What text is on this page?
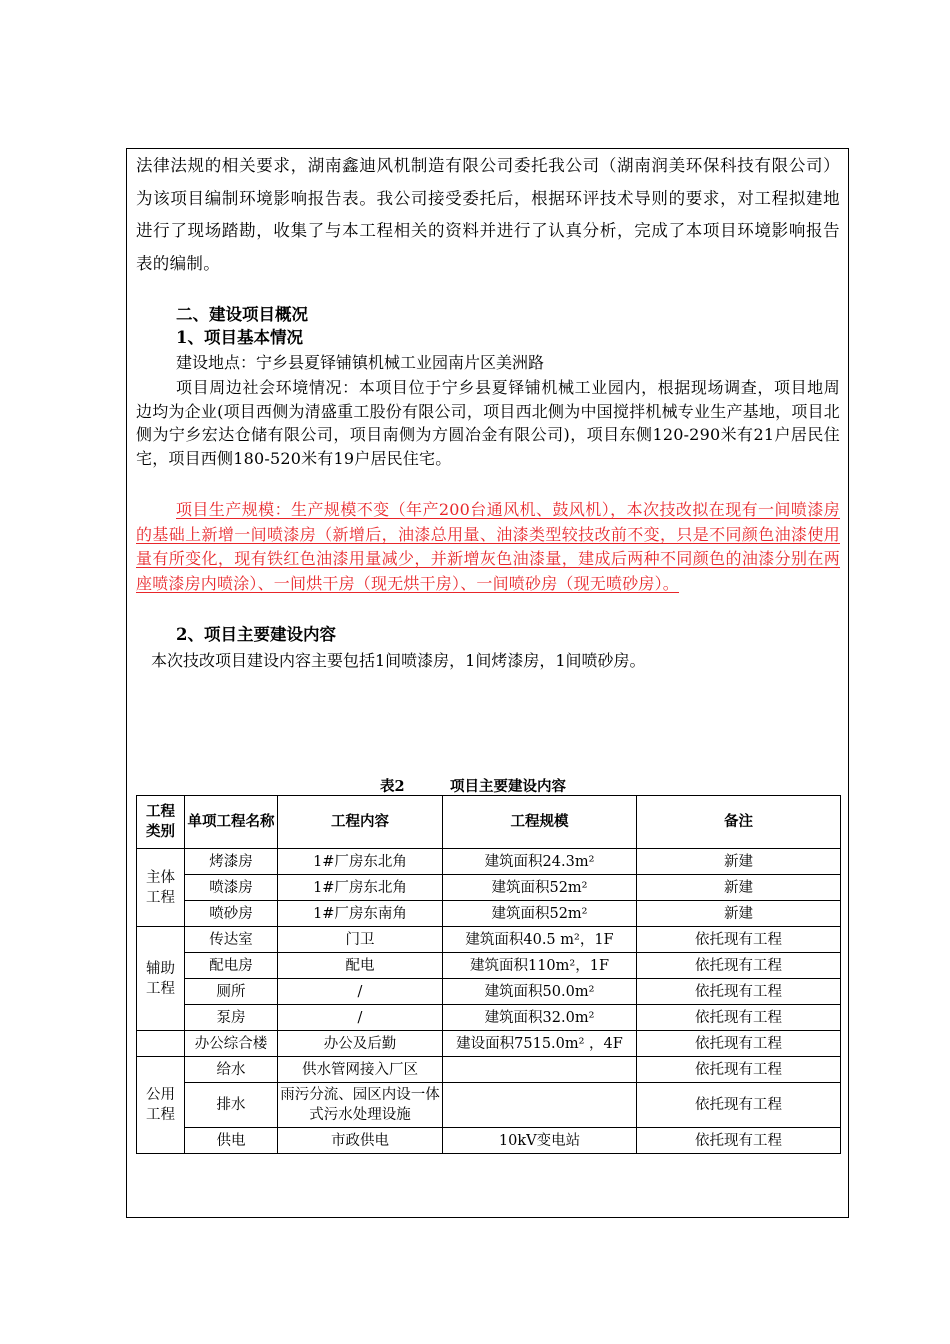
法律法规的相关要求，湖南鑫迪风机制造有限公司委托我公司（湖南润美环保科技有限公司）为该项目编制环境影响报告表。我公司接受委托后，根据环评技术导则的要求，对工程拟建地进行了现场踏勘，收集了与本工程相关的资料并进行了认真分析，完成了本项目环境影响报告表的编制。
二、建设项目概况
1、项目基本情况
建设地点：宁乡县夏铎铺镇机械工业园南片区美洲路
项目周边社会环境情况：本项目位于宁乡县夏铎铺机械工业园内，根据现场调查，项目地周边均为企业(项目西侧为清盛重工股份有限公司，项目西北侧为中国搅拌机械专业生产基地，项目北侧为宁乡宏达仓储有限公司，项目南侧为方圆冶金有限公司)，项目东侧120-290米有21户居民住宅，项目西侧180-520米有19户居民住宅。
项目生产规模：生产规模不变（年产200台通风机、鼓风机），本次技改拟在现有一间喷漆房的基础上新增一间喷漆房（新增后，油漆总用量、油漆类型较技改前不变，只是不同颜色油漆使用量有所变化，现有铁红色油漆用量减少，并新增灰色油漆量，建成后两种不同颜色的油漆分别在两座喷漆房内喷涂）、一间烘干房（现无烘干房）、一间喷砂房（现无喷砂房）。
2、项目主要建设内容
本次技改项目建设内容主要包括1间喷漆房，1间烤漆房，1间喷砂房。
表2         项目主要建设内容
工程类别	单项工程名称	工程内容	工程规模	备注
主体工程	烤漆房	1#厂房东北角	建筑面积24.3m²	新建
	喷漆房	1#厂房东北角	建筑面积52m²	新建
	喷砂房	1#厂房东南角	建筑面积52m²	新建
辅助工程	传达室	门卫	建筑面积40.5 m²，1F	依托现有工程
	配电房	配电	建筑面积110m²，1F	依托现有工程
	厕所	/	建筑面积50.0m²	依托现有工程
	泵房	/	建筑面积32.0m²	依托现有工程
	办公综合楼	办公及后勤	建设面积7515.0m² ，4F	依托现有工程
公用工程	给水	供水管网接入厂区		依托现有工程
	排水	雨污分流、园区内设一体式污水处理设施		依托现有工程
	供电	市政供电	10kV变电站	依托现有工程
